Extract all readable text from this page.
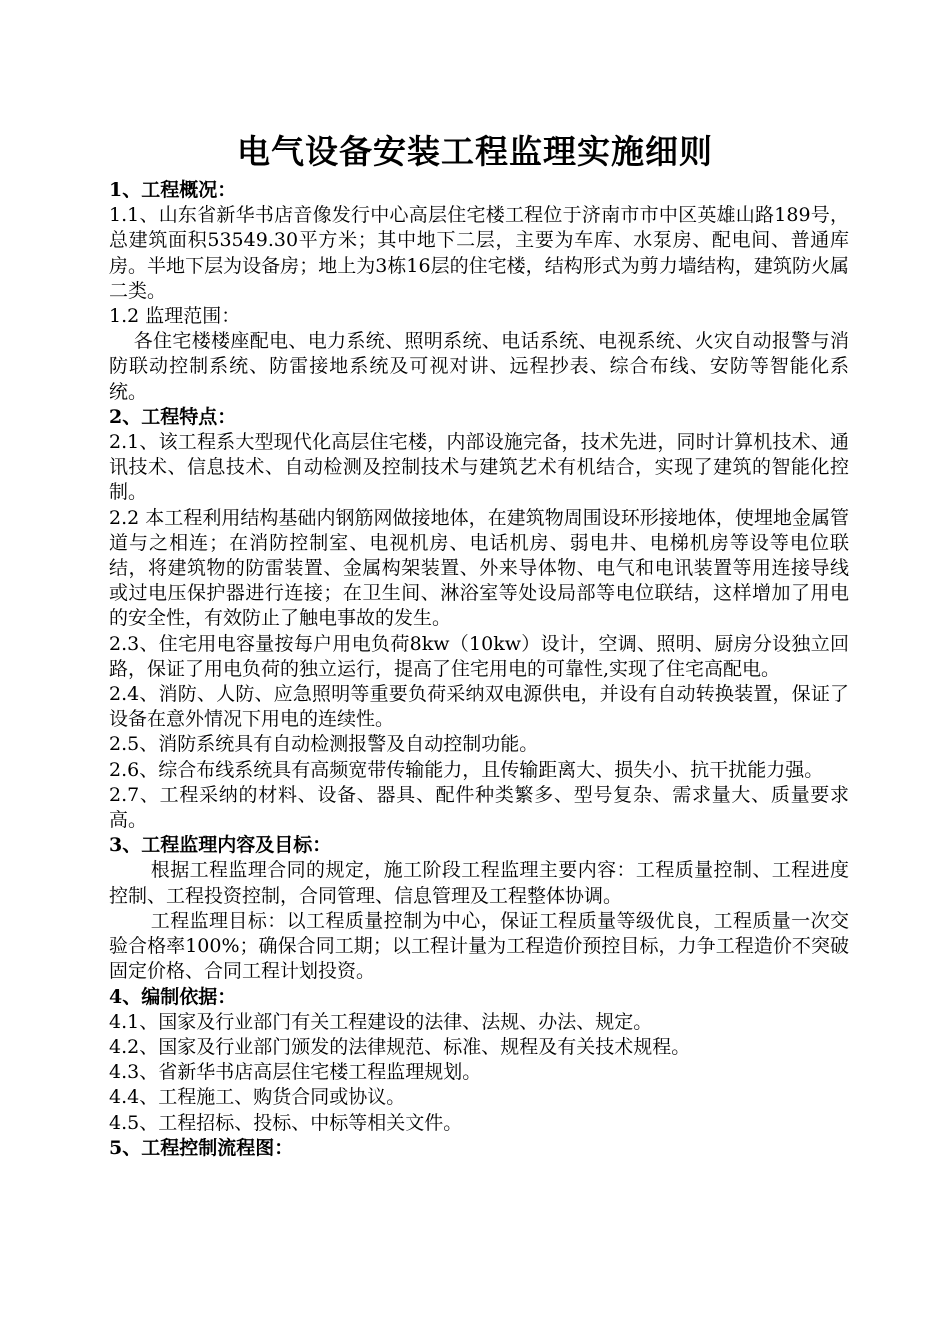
电气设备安装工程监理实施细则
1、工程概况：

1.1、山东省新华书店音像发行中心高层住宅楼工程位于济南市市中区英雄山路189号，总建筑面积53549.30平方米；其中地下二层，主要为车库、水泵房、配电间、普通库房。半地下层为设备房；地上为3栋16层的住宅楼，结构形式为剪力墙结构，建筑防火属二类。

1.2 监理范围：

各住宅楼楼座配电、电力系统、照明系统、电话系统、电视系统、火灾自动报警与消防联动控制系统、防雷接地系统及可视对讲、远程抄表、综合布线、安防等智能化系统。

2、工程特点：

2.1、该工程系大型现代化高层住宅楼，内部设施完备，技术先进，同时计算机技术、通讯技术、信息技术、自动检测及控制技术与建筑艺术有机结合，实现了建筑的智能化控制。

2.2 本工程利用结构基础内钢筋网做接地体，在建筑物周围设环形接地体，使埋地金属管道与之相连；在消防控制室、电视机房、电话机房、弱电井、电梯机房等设等电位联结，将建筑物的防雷装置、金属构架装置、外来导体物、电气和电讯装置等用连接导线或过电压保护器进行连接；在卫生间、淋浴室等处设局部等电位联结，这样增加了用电的安全性，有效防止了触电事故的发生。

2.3、住宅用电容量按每户用电负荷8kw（10kw）设计，空调、照明、厨房分设独立回路，保证了用电负荷的独立运行，提高了住宅用电的可靠性,实现了住宅高配电。

2.4、消防、人防、应急照明等重要负荷采纳双电源供电，并设有自动转换装置，保证了设备在意外情况下用电的连续性。

2.5、消防系统具有自动检测报警及自动控制功能。

2.6、综合布线系统具有高频宽带传输能力，且传输距离大、损失小、抗干扰能力强。

2.7、工程采纳的材料、设备、器具、配件种类繁多、型号复杂、需求量大、质量要求高。

3、工程监理内容及目标：

根据工程监理合同的规定，施工阶段工程监理主要内容：工程质量控制、工程进度控制、工程投资控制，合同管理、信息管理及工程整体协调。

工程监理目标：以工程质量控制为中心，保证工程质量等级优良，工程质量一次交验合格率100%；确保合同工期；以工程计量为工程造价预控目标，力争工程造价不突破固定价格、合同工程计划投资。

4、编制依据：

4.1、国家及行业部门有关工程建设的法律、法规、办法、规定。

4.2、国家及行业部门颁发的法律规范、标准、规程及有关技术规程。

4.3、省新华书店高层住宅楼工程监理规划。

4.4、工程施工、购货合同或协议。

4.5、工程招标、投标、中标等相关文件。

5、工程控制流程图：
